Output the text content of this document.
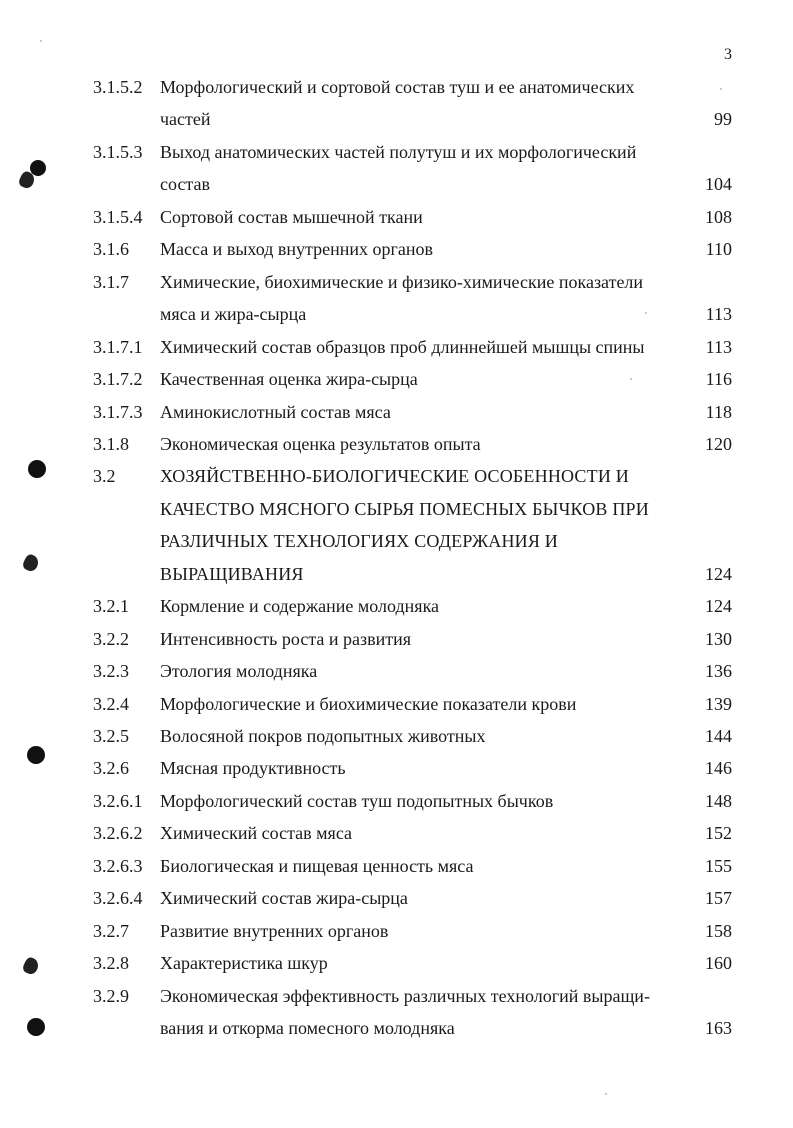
3
3.1.5.2 Морфологический и сортовой состав туш и ее анатомических
частей	99
3.1.5.3 Выход анатомических частей полутуш и их морфологический
состав	104
3.1.5.4 Сортовой состав мышечной ткани	108
3.1.6 Масса и выход внутренних органов	110
3.1.7 Химические, биохимические и физико-химические показатели
мяса и жира-сырца	113
3.1.7.1 Химический состав образцов проб длиннейшей мышцы спины	113
3.1.7.2 Качественная оценка жира-сырца	116
3.1.7.3 Аминокислотный состав мяса	118
3.1.8 Экономическая оценка результатов опыта	120
3.2 ХОЗЯЙСТВЕННО-БИОЛОГИЧЕСКИЕ ОСОБЕННОСТИ И
КАЧЕСТВО МЯСНОГО СЫРЬЯ ПОМЕСНЫХ БЫЧКОВ ПРИ
РАЗЛИЧНЫХ ТЕХНОЛОГИЯХ СОДЕРЖАНИЯ И
ВЫРАЩИВАНИЯ	124
3.2.1 Кормление и содержание молодняка	124
3.2.2 Интенсивность роста и развития	130
3.2.3 Этология молодняка	136
3.2.4 Морфологические и биохимические показатели крови	139
3.2.5 Волосяной покров подопытных животных	144
3.2.6 Мясная продуктивность	146
3.2.6.1 Морфологический состав туш подопытных бычков	148
3.2.6.2 Химический состав мяса	152
3.2.6.3 Биологическая и пищевая ценность мяса	155
3.2.6.4 Химический состав жира-сырца	157
3.2.7 Развитие внутренних органов	158
3.2.8 Характеристика шкур	160
3.2.9 Экономическая эффективность различных технологий выращи-
вания и откорма помесного молодняка	163
